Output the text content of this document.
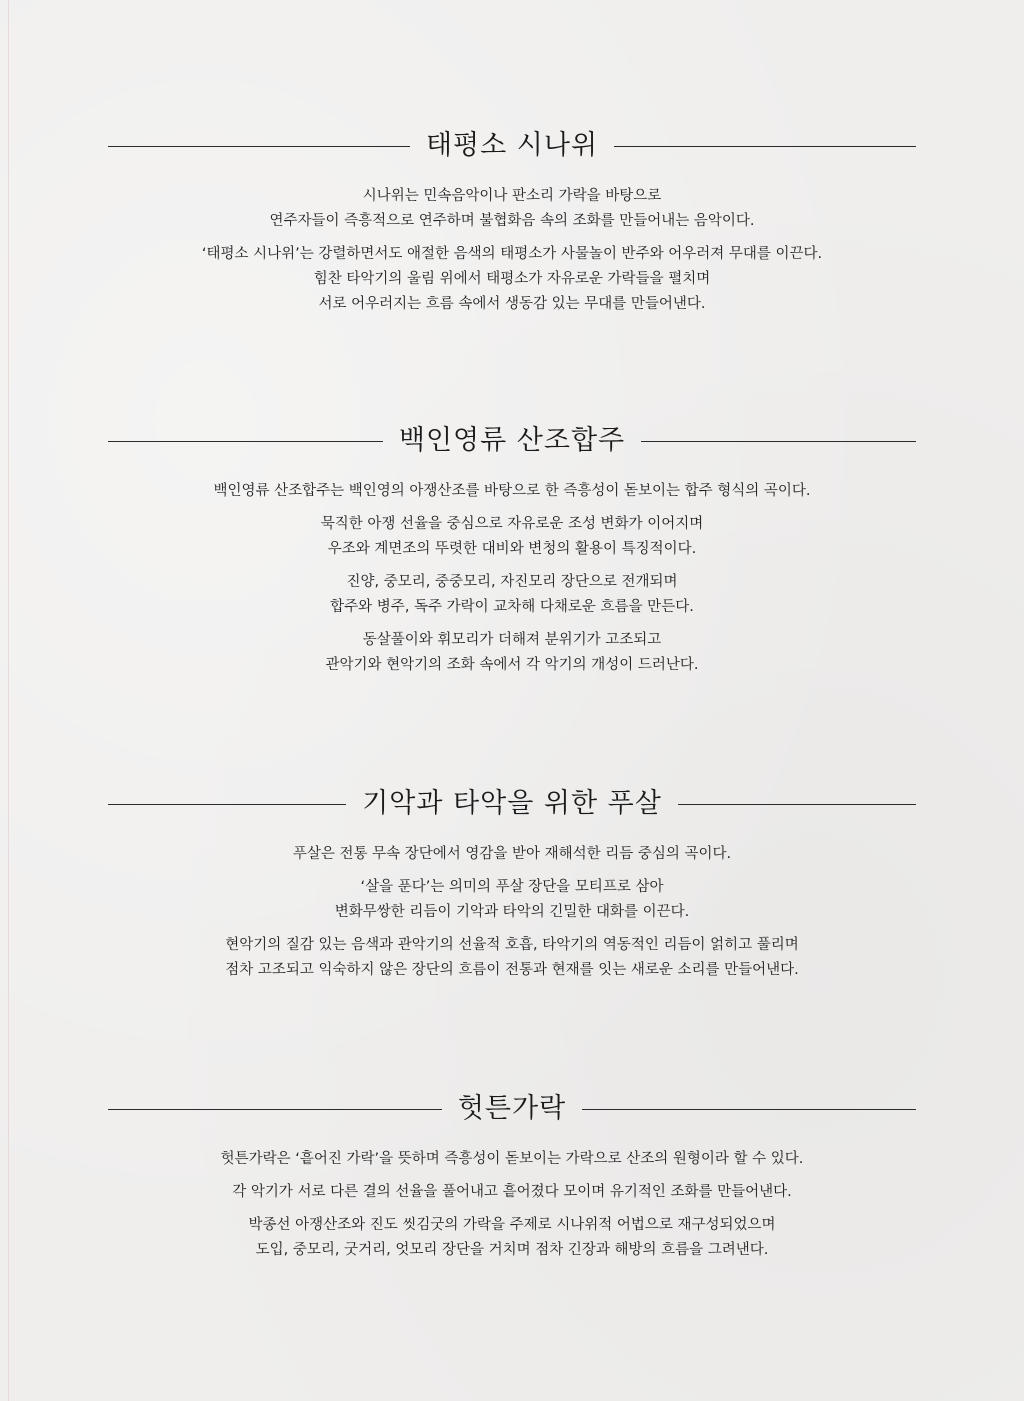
태평소 시나위

시나위는 민속음악이나 판소리 가락을 바탕으로
연주자들이 즉흥적으로 연주하며 불협화음 속의 조화를 만들어내는 음악이다.

‘태평소 시나위’는 강렬하면서도 애절한 음색의 태평소가 사물놀이 반주와 어우러져 무대를 이끈다.
힘찬 타악기의 울림 위에서 태평소가 자유로운 가락들을 펼치며
서로 어우러지는 흐름 속에서 생동감 있는 무대를 만들어낸다.

백인영류 산조합주

백인영류 산조합주는 백인영의 아쟁산조를 바탕으로 한 즉흥성이 돋보이는 합주 형식의 곡이다.

묵직한 아쟁 선율을 중심으로 자유로운 조성 변화가 이어지며
우조와 계면조의 뚜렷한 대비와 변청의 활용이 특징적이다.

진양, 중모리, 중중모리, 자진모리 장단으로 전개되며
합주와 병주, 독주 가락이 교차해 다채로운 흐름을 만든다.

동살풀이와 휘모리가 더해져 분위기가 고조되고
관악기와 현악기의 조화 속에서 각 악기의 개성이 드러난다.

기악과 타악을 위한 푸살

푸살은 전통 무속 장단에서 영감을 받아 재해석한 리듬 중심의 곡이다.

‘살을 푼다’는 의미의 푸살 장단을 모티프로 삼아
변화무쌍한 리듬이 기악과 타악의 긴밀한 대화를 이끈다.

현악기의 질감 있는 음색과 관악기의 선율적 호흡, 타악기의 역동적인 리듬이 얽히고 풀리며
점차 고조되고 익숙하지 않은 장단의 흐름이 전통과 현재를 잇는 새로운 소리를 만들어낸다.

헛튼가락

헛튼가락은 ‘흩어진 가락’을 뜻하며 즉흥성이 돋보이는 가락으로 산조의 원형이라 할 수 있다.

각 악기가 서로 다른 결의 선율을 풀어내고 흩어졌다 모이며 유기적인 조화를 만들어낸다.

박종선 아쟁산조와 진도 씻김굿의 가락을 주제로 시나위적 어법으로 재구성되었으며
도입, 중모리, 굿거리, 엇모리 장단을 거치며 점차 긴장과 해방의 흐름을 그려낸다.
